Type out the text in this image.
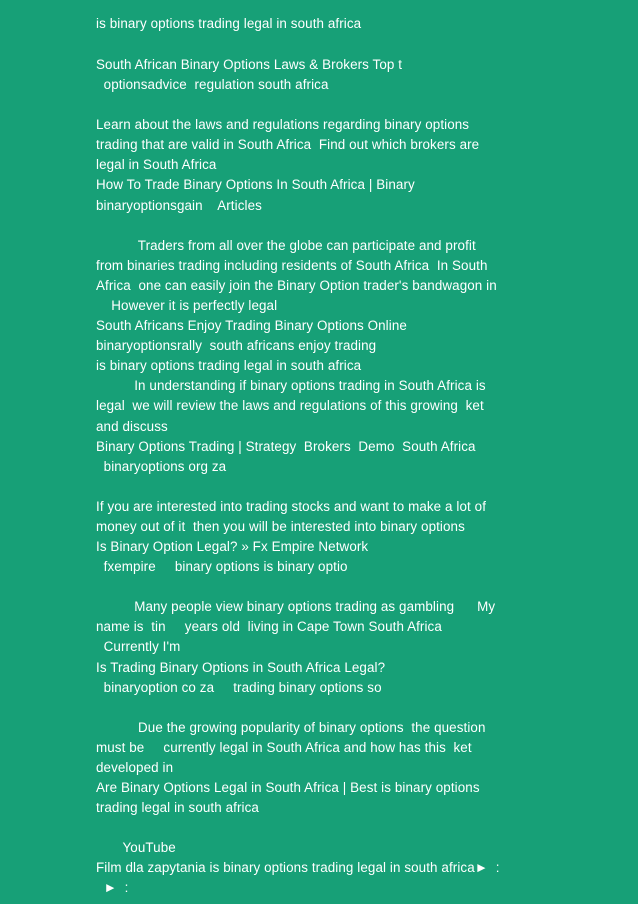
is binary options trading legal in south africa
South African Binary Options Laws & Brokers Top t
optionsadvice  regulation south africa
Learn about the laws and regulations regarding binary options
trading that are valid in South Africa  Find out which brokers are
legal in South Africa
How To Trade Binary Options In South Africa | Binary
binaryoptionsgain    Articles
Traders from all over the globe can participate and profit
from binaries trading including residents of South Africa  In South
Africa  one can easily join the Binary Option trader's bandwagon in
However it is perfectly legal
South Africans Enjoy Trading Binary Options Online
binaryoptionsrally  south africans enjoy trading
is binary options trading legal in south africa
In understanding if binary options trading in South Africa is
legal  we will review the laws and regulations of this growing  ket
and discuss
Binary Options Trading | Strategy  Brokers  Demo  South Africa
binaryoptions org za
If you are interested into trading stocks and want to make a lot of
money out of it  then you will be interested into binary options
Is Binary Option Legal? » Fx Empire Network
fxempire     binary options is binary optio
Many people view binary options trading as gambling      My
name is  tin     years old  living in Cape Town South Africa
Currently I'm
Is Trading Binary Options in South Africa Legal?
binaryoption co za     trading binary options so
Due the growing popularity of binary options  the question
must be     currently legal in South Africa and how has this  ket
developed in
Are Binary Options Legal in South Africa | Best is binary options
trading legal in south africa
YouTube
Film dla zapytania is binary options trading legal in south africa►  :
►  :
